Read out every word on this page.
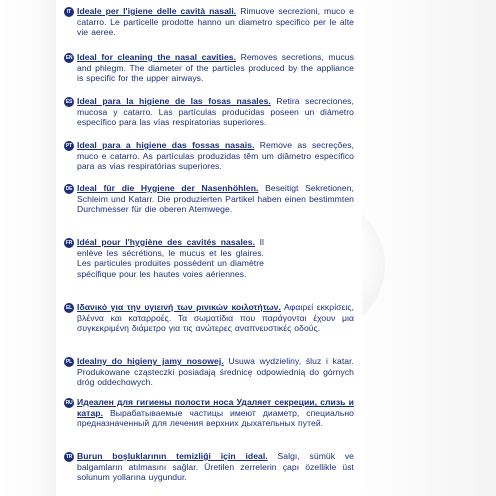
IT Ideale per l'igiene delle cavità nasali. Rimuove secrezioni, muco e catarro. Le particelle prodotte hanno un diametro specifico per le alte vie aeree.
EN Ideal for cleaning the nasal cavities. Removes secretions, mucus and phlegm. The diameter of the particles produced by the appliance is specific for the upper airways.
ES Ideal para la higiene de las fosas nasales. Retira secreciones, mucosa y catarro. Las partículas producidas poseen un diámetro específico para las vías respiratorias superiores.
PT Ideal para a higiene das fossas nasais. Remove as secreções, muco e catarro. As partículas produzidas têm um diâmetro específico para as vias respiratórias superiores.
DE Ideal für die Hygiene der Nasenhöhlen. Beseitigt Sekretionen, Schleim und Katarr. Die produzierten Partikel haben einen bestimmten Durchmesser für die oberen Atemwege.
FR Idéal pour l'hygiène des cavités nasales. Il enlève les sécrétions, le mucus et les glaires. Les particules produites possèdent un diamètre spécifique pour les hautes voies aériennes.
EL Ιδανικό για την υγιεινή των ρινικών κοιλοτήτων. Αφαιρεί εκκρίσεις, βλέννα και καταρροές. Τα σωματίδια που παράγονται έχουν μια συγκεκριμένη διάμετρο για τις ανώτερες αναπνευστικές οδούς.
PL Idealny do higieny jamy nosowej. Usuwa wydzieliny, śluz i katar. Produkowane cząsteczki posiadają średnicę odpowiednią do górnych dróg oddechowych.
RU Идеален для гигиены полости носа Удаляет секреции, слизь и катар. Вырабатываемые частицы имеют диаметр, специально предназначенный для лечения верхних дыхательных путей.
TR Burun boşluklarının temizliği için ideal. Salgı, sümük ve balgamların atılmasını sağlar. Üretilen zerrelerin çapı özellikle üst solunum yollarına uygundur.
